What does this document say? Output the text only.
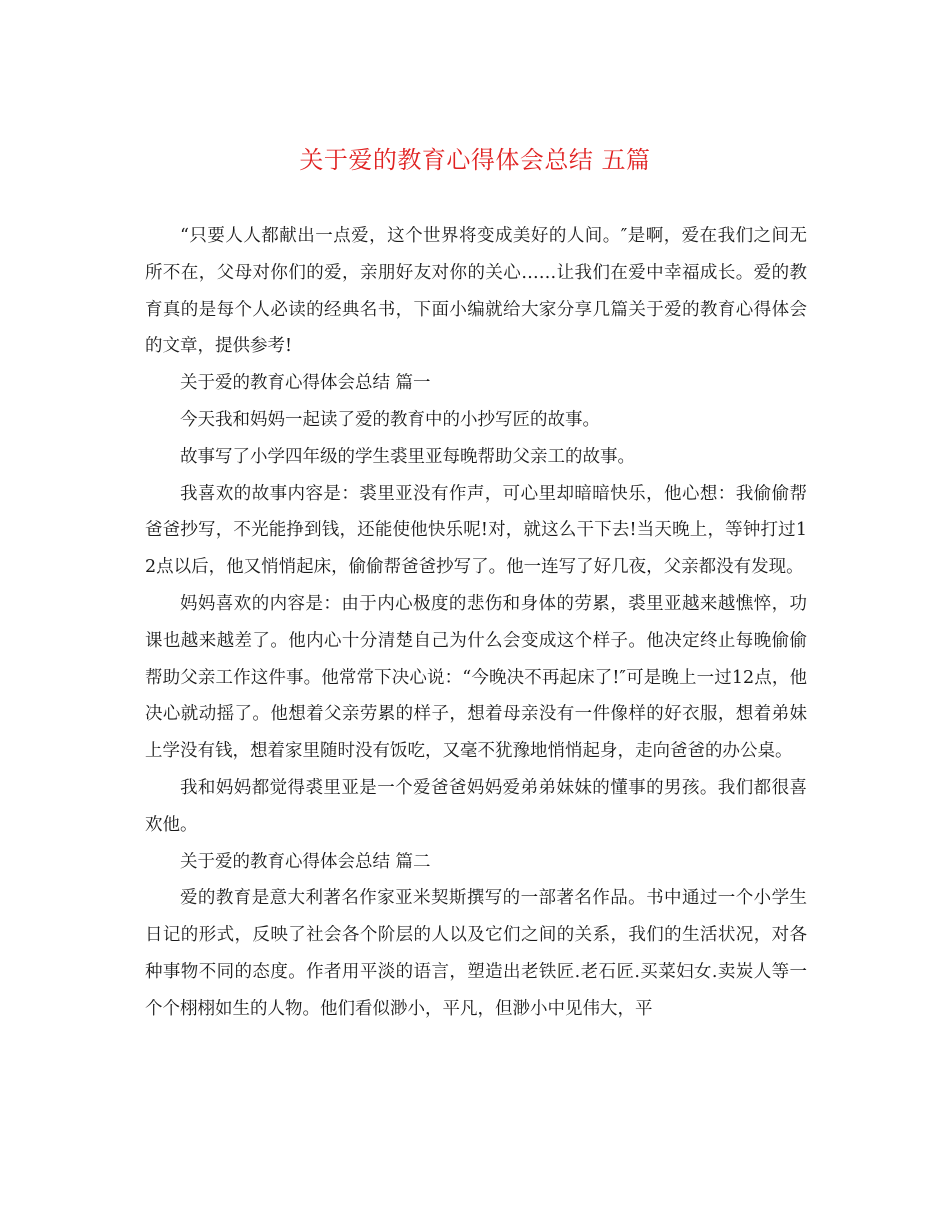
关于爱的教育心得体会总结 五篇

“只要人人都献出一点爱，这个世界将变成美好的人间。″是啊，爱在我们之间无所不在，父母对你们的爱，亲朋好友对你的关心……让我们在爱中幸福成长。爱的教育真的是每个人必读的经典名书，下面小编就给大家分享几篇关于爱的教育心得体会的文章，提供参考!

关于爱的教育心得体会总结 篇一

今天我和妈妈一起读了爱的教育中的小抄写匠的故事。

故事写了小学四年级的学生裘里亚每晚帮助父亲工的故事。

我喜欢的故事内容是：裘里亚没有作声，可心里却暗暗快乐，他心想：我偷偷帮爸爸抄写，不光能挣到钱，还能使他快乐呢!对，就这么干下去!当天晚上，等钟打过12点以后，他又悄悄起床，偷偷帮爸爸抄写了。他一连写了好几夜，父亲都没有发现。

妈妈喜欢的内容是：由于内心极度的悲伤和身体的劳累，裘里亚越来越憔悴，功课也越来越差了。他内心十分清楚自己为什么会变成这个样子。他决定终止每晚偷偷帮助父亲工作这件事。他常常下决心说：“今晚决不再起床了!″可是晚上一过12点，他决心就动摇了。他想着父亲劳累的样子，想着母亲没有一件像样的好衣服，想着弟妹上学没有钱，想着家里随时没有饭吃，又毫不犹豫地悄悄起身，走向爸爸的办公桌。

我和妈妈都觉得裘里亚是一个爱爸爸妈妈爱弟弟妹妹的懂事的男孩。我们都很喜欢他。

关于爱的教育心得体会总结 篇二

爱的教育是意大利著名作家亚米契斯撰写的一部著名作品。书中通过一个小学生日记的形式，反映了社会各个阶层的人以及它们之间的关系，我们的生活状况，对各种事物不同的态度。作者用平淡的语言，塑造出老铁匠.老石匠.买菜妇女.卖炭人等一个个栩栩如生的人物。他们看似渺小，平凡，但渺小中见伟大，平
